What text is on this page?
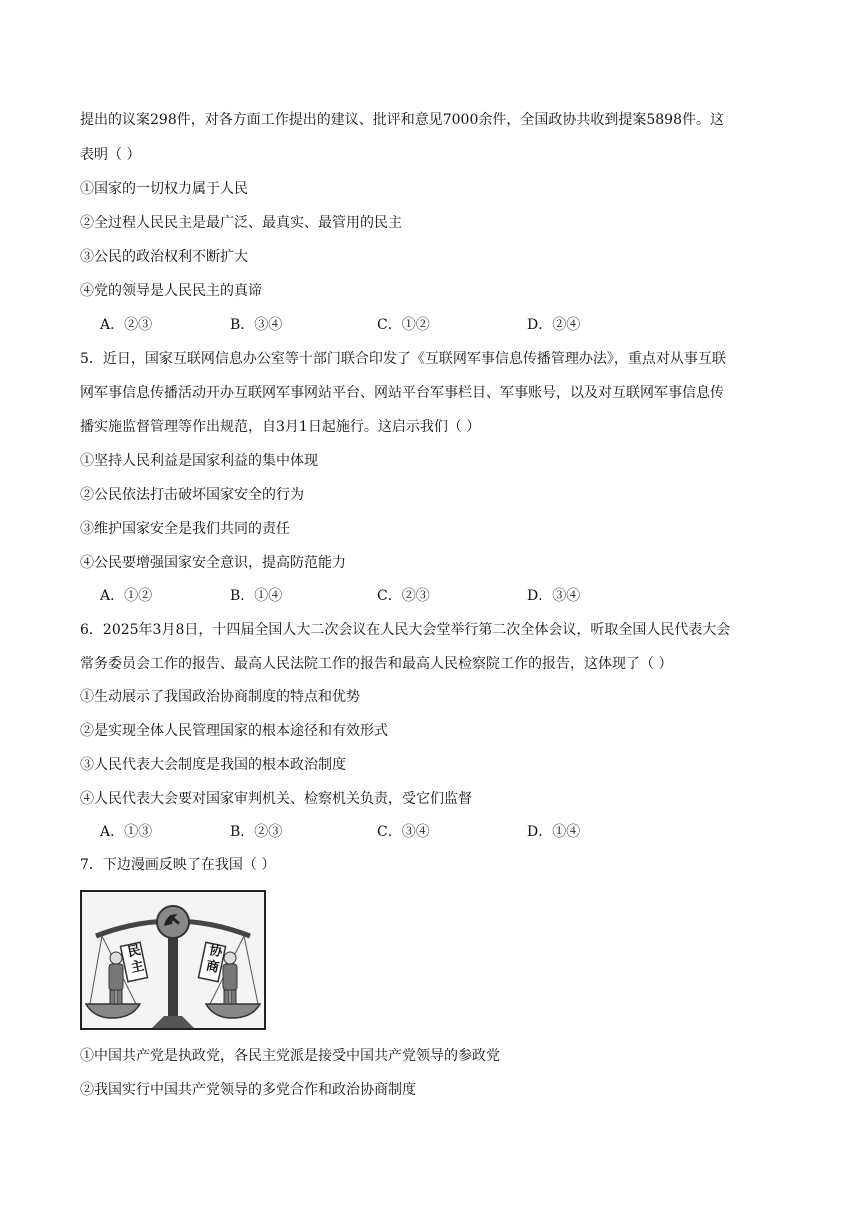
提出的议案298件，对各方面工作提出的建议、批评和意见7000余件，全国政协共收到提案5898件。这
表明（ ）
①国家的一切权力属于人民
②全过程人民民主是最广泛、最真实、最管用的民主
③公民的政治权利不断扩大
④党的领导是人民民主的真谛
A．②③	B．③④	C．①②	D．②④
5．近日，国家互联网信息办公室等十部门联合印发了《互联网军事信息传播管理办法》，重点对从事互联
网军事信息传播活动开办互联网军事网站平台、网站平台军事栏目、军事账号，以及对互联网军事信息传
播实施监督管理等作出规范，自3月1日起施行。这启示我们（ ）
①坚持人民利益是国家利益的集中体现
②公民依法打击破坏国家安全的行为
③维护国家安全是我们共同的责任
④公民要增强国家安全意识，提高防范能力
A．①②	B．①④	C．②③	D．③④
6．2025年3月8日，十四届全国人大二次会议在人民大会堂举行第二次全体会议，听取全国人民代表大会
常务委员会工作的报告、最高人民法院工作的报告和最高人民检察院工作的报告，这体现了（ ）
①生动展示了我国政治协商制度的特点和优势
②是实现全体人民管理国家的根本途径和有效形式
③人民代表大会制度是我国的根本政治制度
④人民代表大会要对国家审判机关、检察机关负责，受它们监督
A．①③	B．②③	C．③④	D．①④
7．下边漫画反映了在我国（ ）
民主
协商
①中国共产党是执政党，各民主党派是接受中国共产党领导的参政党
②我国实行中国共产党领导的多党合作和政治协商制度
